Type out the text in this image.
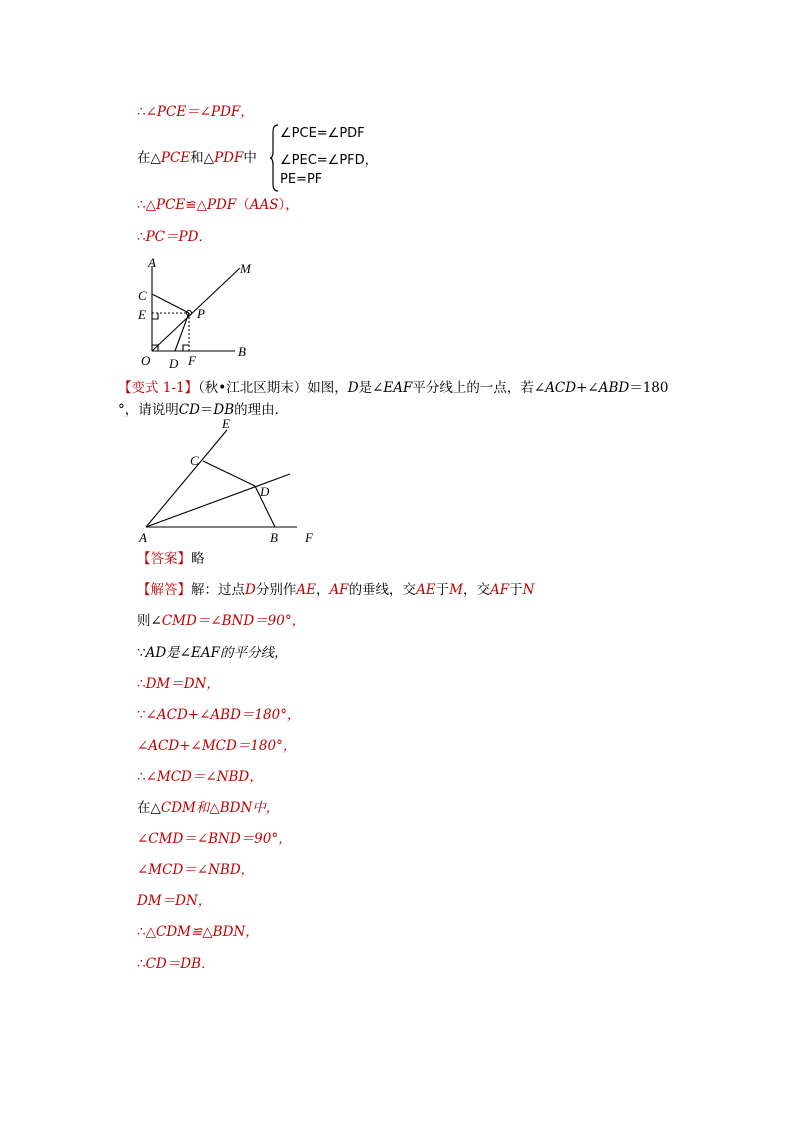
∴∠PCE＝∠PDF，
在△PCE和△PDF中
∠PCE=∠PDF
∠PEC=∠PFD，
PE=PF
∴△PCE≌△PDF（AAS），
∴PC＝PD．
A	M
C
E	P
O D F
B
【变式 1-1】（秋•江北区期末）如图，D是∠EAF平分线上的一点，若∠ACD+∠ABD＝180
°，请说明CD＝DB的理由．
E
C
D
A	B F
【答案】略
【解答】解：过点D分别作AE，AF的垂线，交AE于M，交AF于N
则∠CMD＝∠BND＝90°，
∵AD是∠EAF的平分线，
∴DM＝DN，
∵∠ACD+∠ABD＝180°，
∠ACD+∠MCD＝180°，
∴∠MCD＝∠NBD，
在△CDM和△BDN中，
∠CMD＝∠BND＝90°，
∠MCD＝∠NBD，
DM＝DN，
∴△CDM≌△BDN，
∴CD＝DB．
